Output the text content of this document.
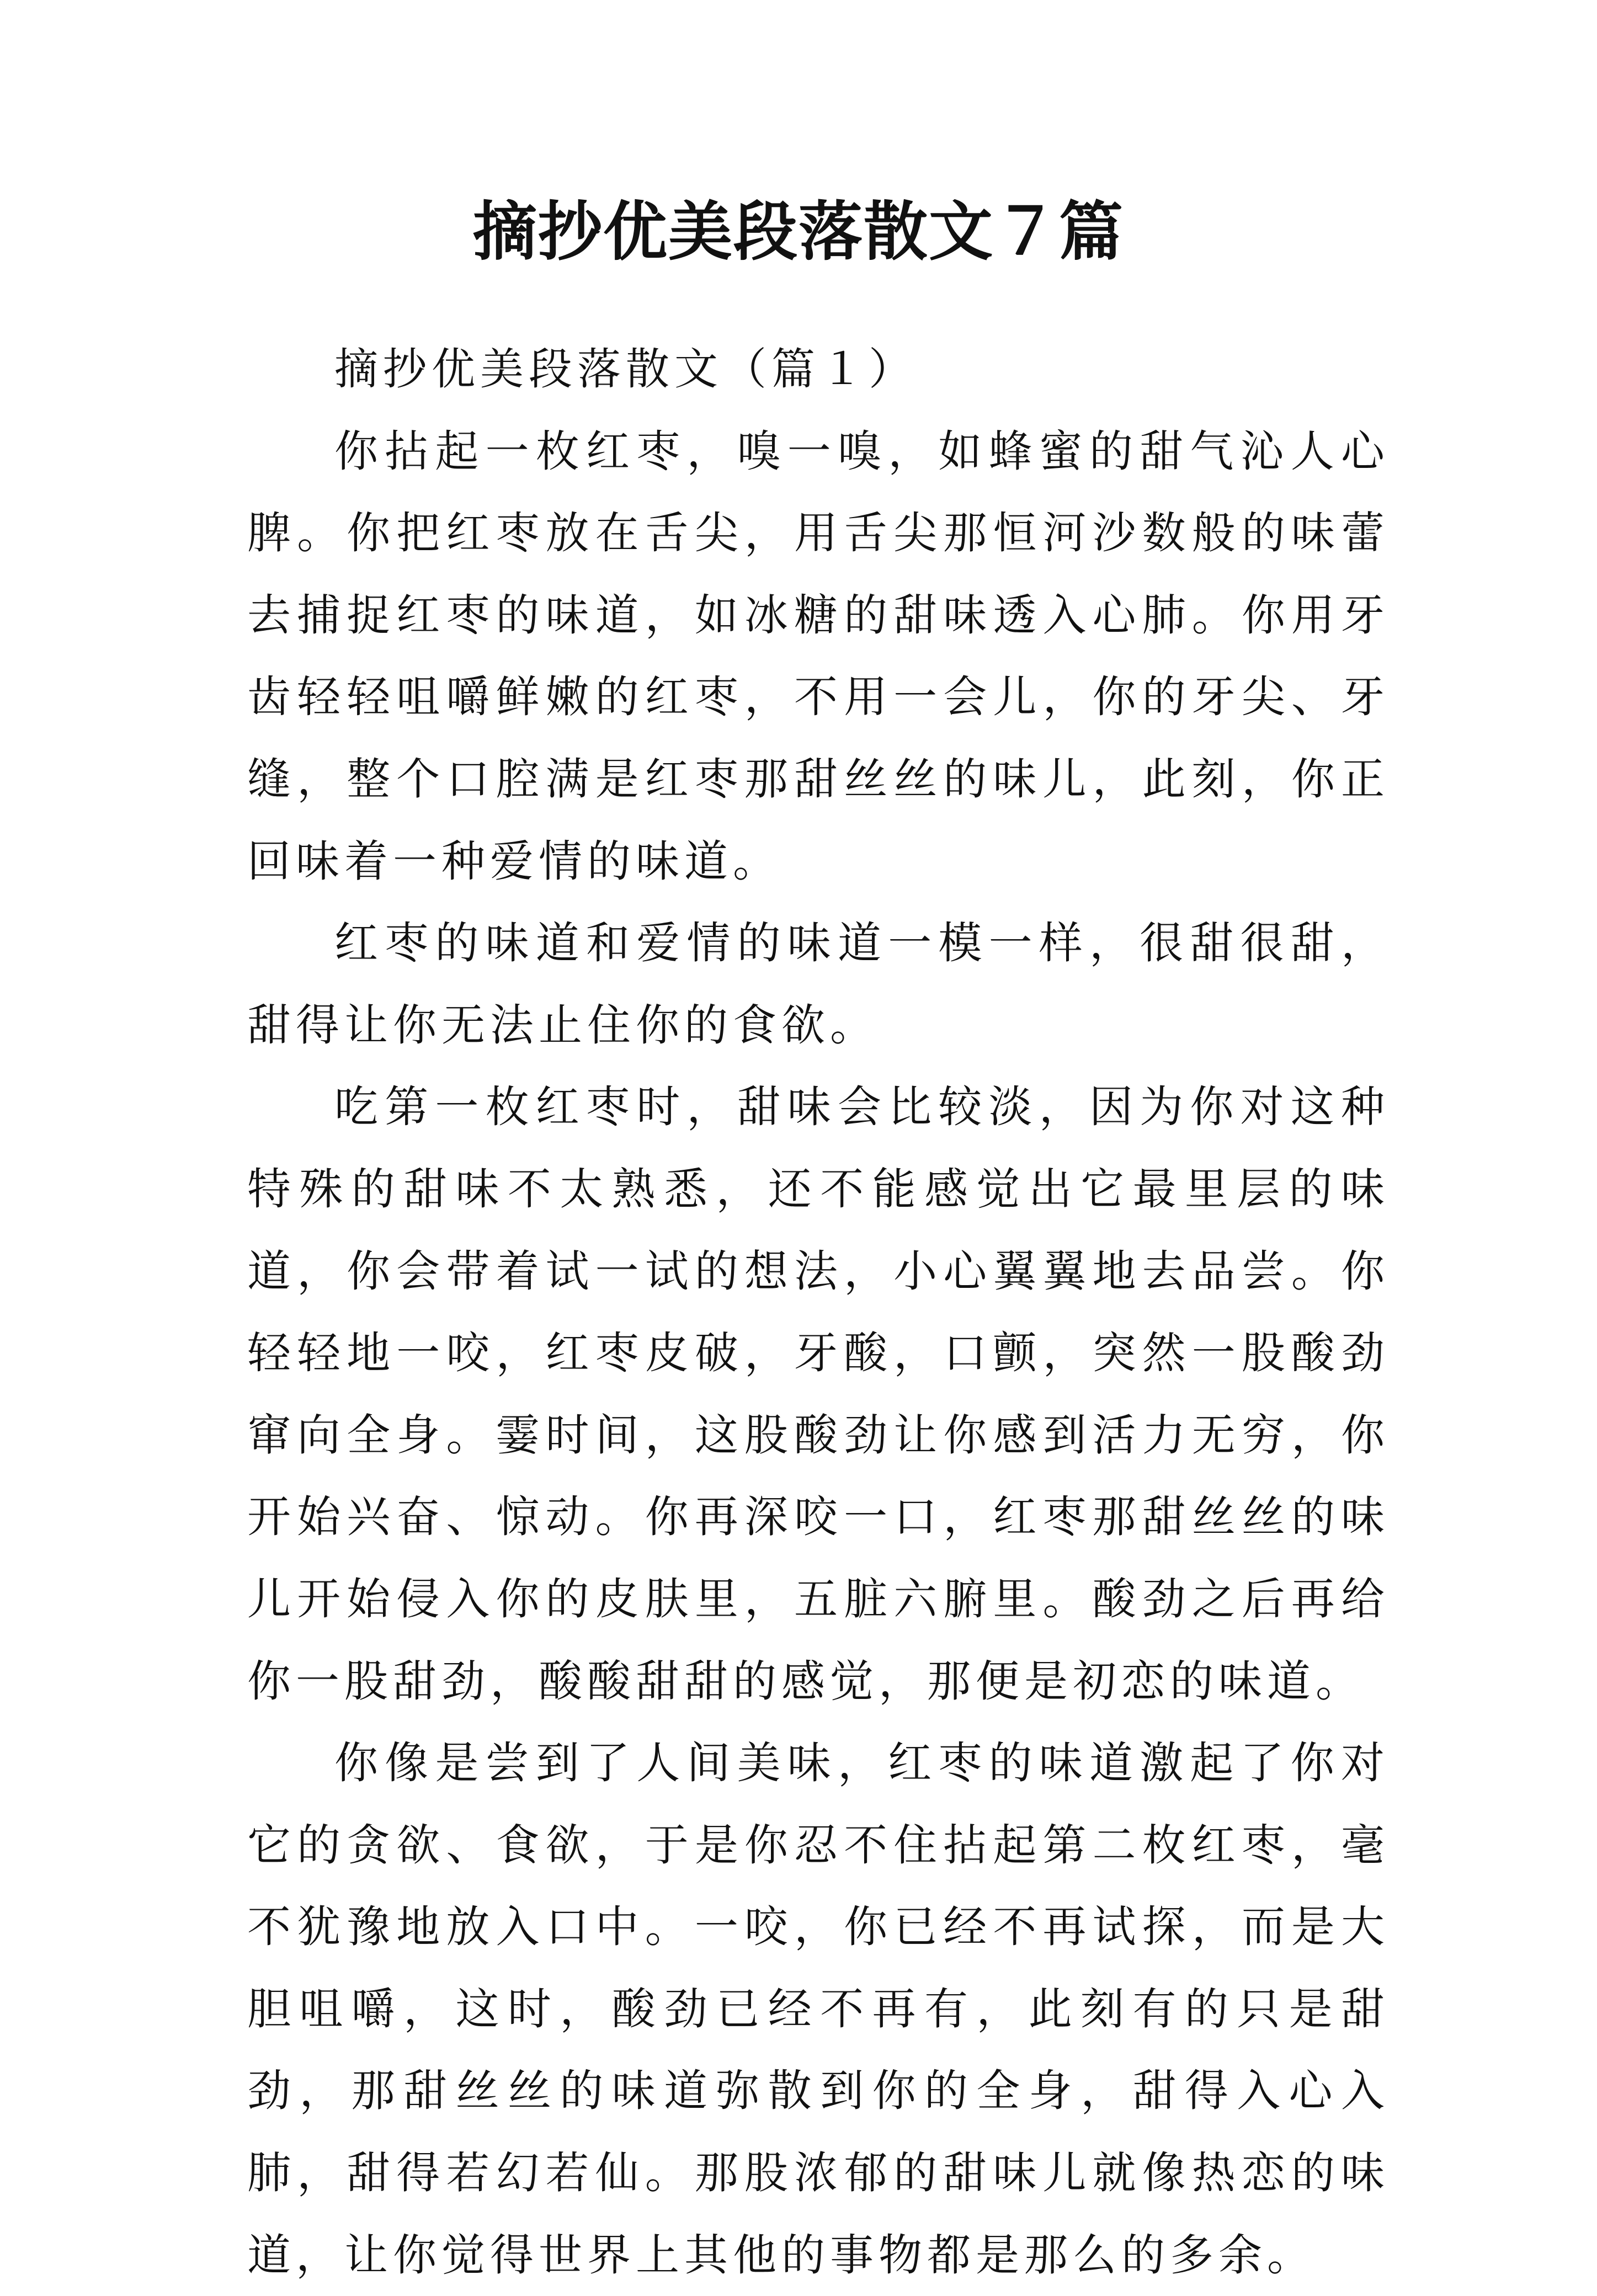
摘抄优美段落散文７篇
摘抄优美段落散文（篇１）

你拈起一枚红枣，嗅一嗅，如蜂蜜的甜气沁人心脾。你把红枣放在舌尖，用舌尖那恒河沙数般的味蕾去捕捉红枣的味道，如冰糖的甜味透入心肺。你用牙齿轻轻咀嚼鲜嫩的红枣，不用一会儿，你的牙尖、牙缝，整个口腔满是红枣那甜丝丝的味儿，此刻，你正回味着一种爱情的味道。

红枣的味道和爱情的味道一模一样，很甜很甜，甜得让你无法止住你的食欲。

吃第一枚红枣时，甜味会比较淡，因为你对这种特殊的甜味不太熟悉，还不能感觉出它最里层的味道，你会带着试一试的想法，小心翼翼地去品尝。你轻轻地一咬，红枣皮破，牙酸，口颤，突然一股酸劲窜向全身。霎时间，这股酸劲让你感到活力无穷，你开始兴奋、惊动。你再深咬一口，红枣那甜丝丝的味儿开始侵入你的皮肤里，五脏六腑里。酸劲之后再给你一股甜劲，酸酸甜甜的感觉，那便是初恋的味道。

你像是尝到了人间美味，红枣的味道激起了你对它的贪欲、食欲，于是你忍不住拈起第二枚红枣，毫不犹豫地放入口中。一咬，你已经不再试探，而是大胆咀嚼，这时，酸劲已经不再有，此刻有的只是甜劲，那甜丝丝的味道弥散到你的全身，甜得入心入肺，甜得若幻若仙。那股浓郁的甜味儿就像热恋的味道，让你觉得世界上其他的事物都是那么的多余。
